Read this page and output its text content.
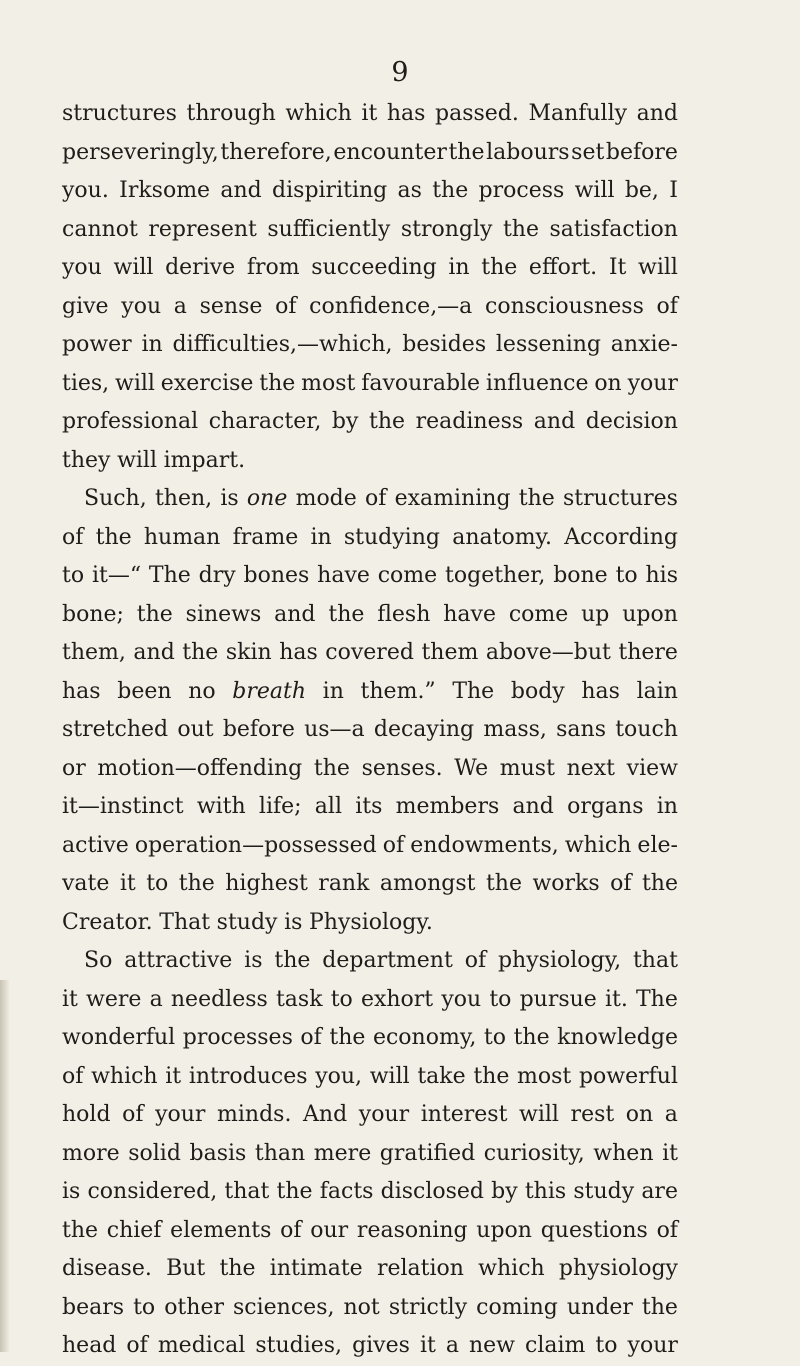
9
structures through which it has passed. Manfully and
perseveringly, therefore, encounter the labours set before
you. Irksome and dispiriting as the process will be, I
cannot represent sufficiently strongly the satisfaction
you will derive from succeeding in the effort. It will
give you a sense of confidence,—a consciousness of
power in difficulties,—which, besides lessening anxie-
ties, will exercise the most favourable influence on your
professional character, by the readiness and decision
they will impart.
Such, then, is one mode of examining the structures
of the human frame in studying anatomy. According
to it—“ The dry bones have come together, bone to his
bone; the sinews and the flesh have come up upon
them, and the skin has covered them above—but there
has been no breath in them.” The body has lain
stretched out before us—a decaying mass, sans touch
or motion—offending the senses. We must next view
it—instinct with life; all its members and organs in
active operation—possessed of endowments, which ele-
vate it to the highest rank amongst the works of the
Creator. That study is Physiology.
So attractive is the department of physiology, that
it were a needless task to exhort you to pursue it. The
wonderful processes of the economy, to the knowledge
of which it introduces you, will take the most powerful
hold of your minds. And your interest will rest on a
more solid basis than mere gratified curiosity, when it
is considered, that the facts disclosed by this study are
the chief elements of our reasoning upon questions of
disease. But the intimate relation which physiology
bears to other sciences, not strictly coming under the
head of medical studies, gives it a new claim to your
